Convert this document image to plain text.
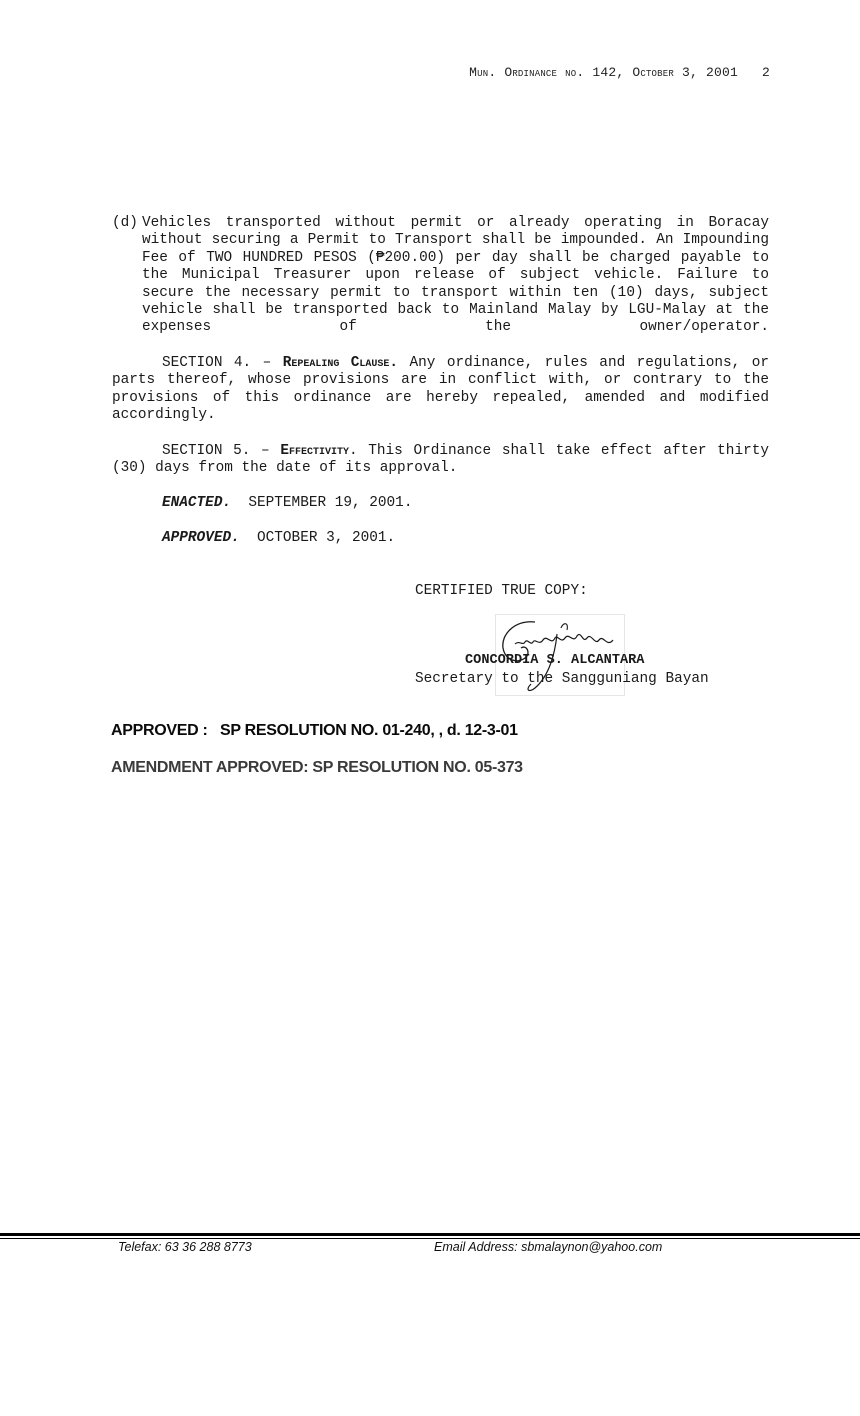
Mun. Ordinance no. 142, October 3, 2001 2

(d) Vehicles transported without permit or already operating in Boracay without securing a Permit to Transport shall be impounded. An Impounding Fee of TWO HUNDRED PESOS (₱200.00) per day shall be charged payable to the Municipal Treasurer upon release of subject vehicle. Failure to secure the necessary permit to transport within ten (10) days, subject vehicle shall be transported back to Mainland Malay by LGU-Malay at the expenses of the owner/operator.
SECTION 4. – Repealing Clause. Any ordinance, rules and regulations, or parts thereof, whose provisions are in conflict with, or contrary to the provisions of this ordinance are hereby repealed, amended and modified accordingly.
SECTION 5. – Effectivity. This Ordinance shall take effect after thirty (30) days from the date of its approval.
ENACTED. SEPTEMBER 19, 2001.
APPROVED. OCTOBER 3, 2001.
CERTIFIED TRUE COPY:
CONCORDIA S. ALCANTARA
Secretary to the Sangguniang Bayan
APPROVED :   SP RESOLUTION NO. 01-240, , d. 12-3-01
AMENDMENT APPROVED: SP RESOLUTION NO. 05-373
Telefax: 63 36 288 8773	Email Address: sbmalaynon@yahoo.com
